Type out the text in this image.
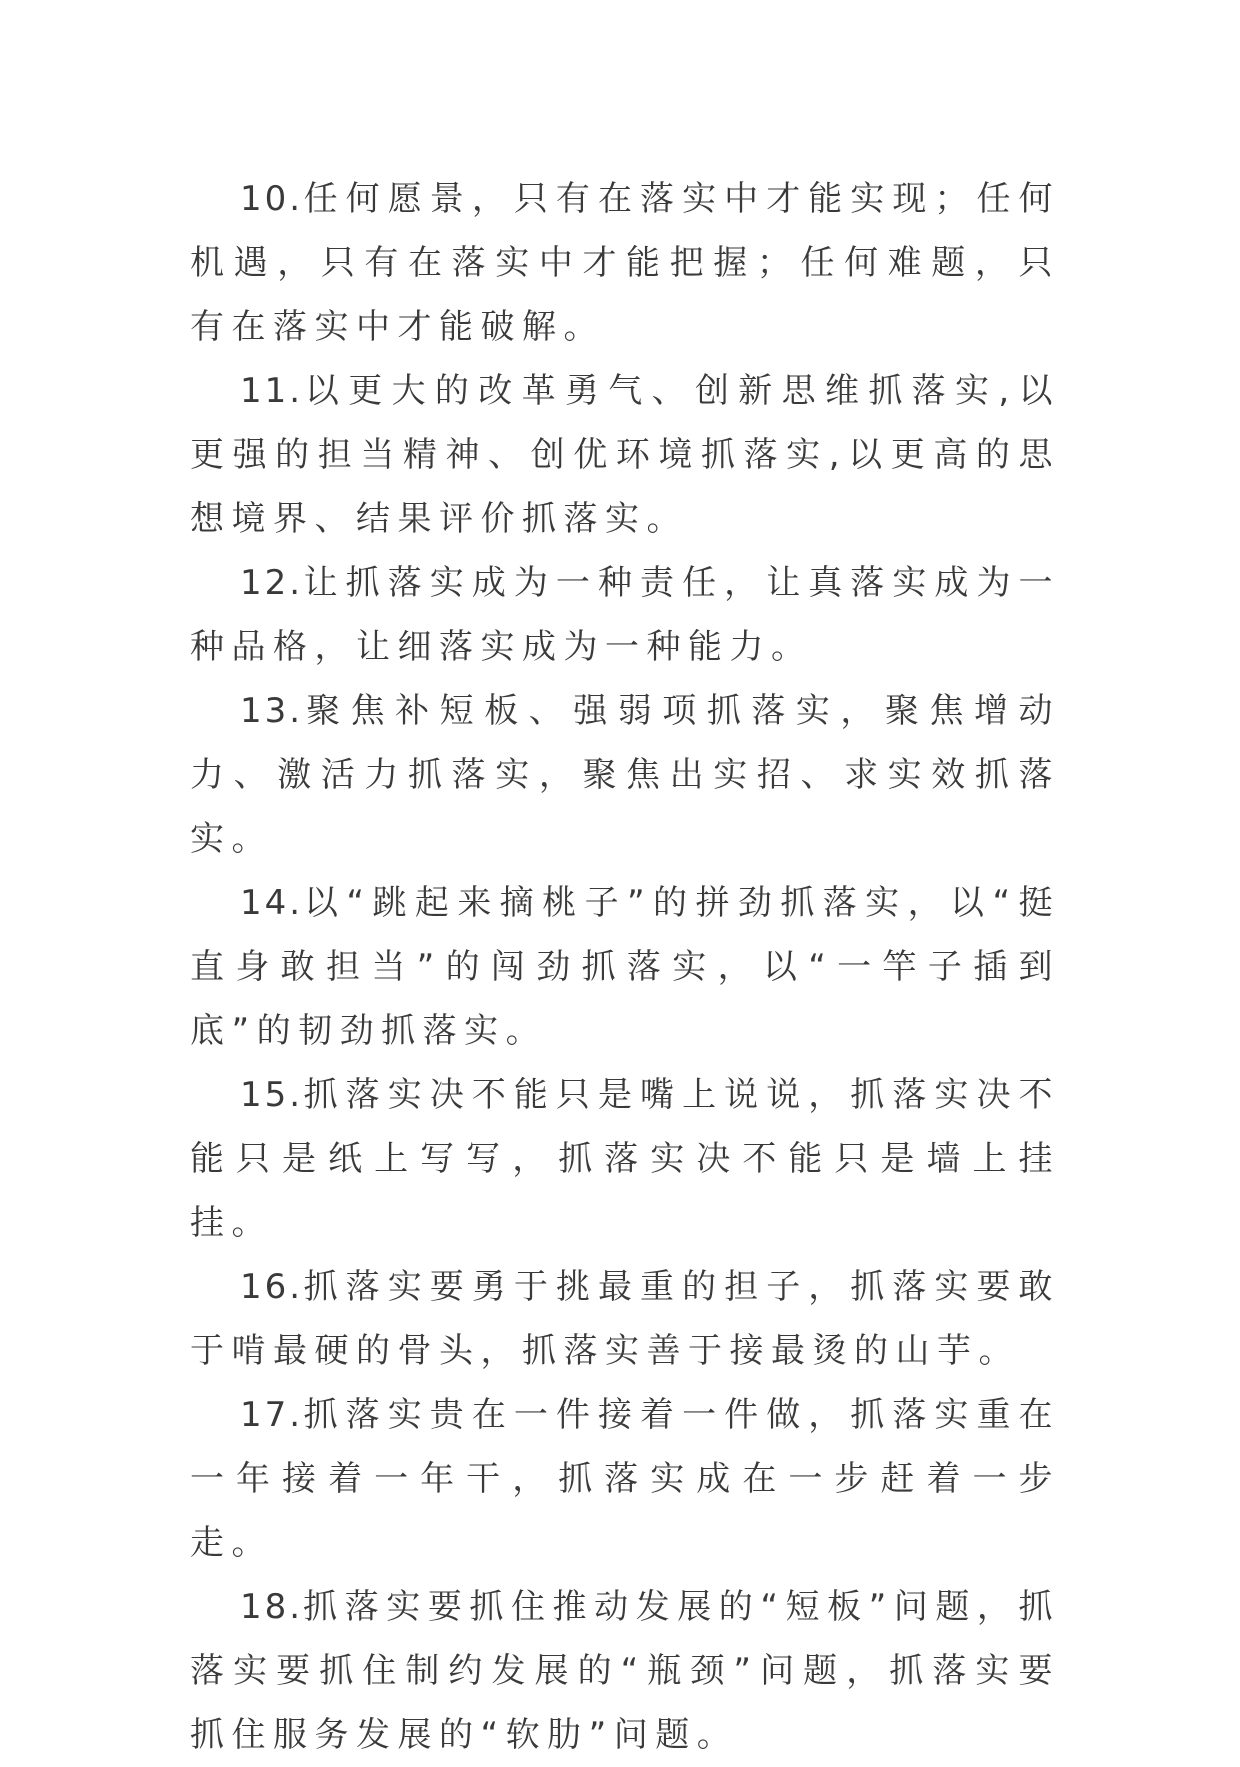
10.任何愿景，只有在落实中才能实现；任何机遇，只有在落实中才能把握；任何难题，只有在落实中才能破解。

11.以更大的改革勇气、创新思维抓落实,以更强的担当精神、创优环境抓落实,以更高的思想境界、结果评价抓落实。

12.让抓落实成为一种责任，让真落实成为一种品格，让细落实成为一种能力。

13.聚焦补短板、强弱项抓落实，聚焦增动力、激活力抓落实，聚焦出实招、求实效抓落实。

14.以“跳起来摘桃子”的拼劲抓落实，以“挺直身敢担当”的闯劲抓落实，以“一竿子插到底”的韧劲抓落实。

15.抓落实决不能只是嘴上说说，抓落实决不能只是纸上写写，抓落实决不能只是墙上挂挂。

16.抓落实要勇于挑最重的担子，抓落实要敢于啃最硬的骨头，抓落实善于接最烫的山芋。

17.抓落实贵在一件接着一件做，抓落实重在一年接着一年干，抓落实成在一步赶着一步走。

18.抓落实要抓住推动发展的“短板”问题，抓落实要抓住制约发展的“瓶颈”问题，抓落实要抓住服务发展的“软肋”问题。
